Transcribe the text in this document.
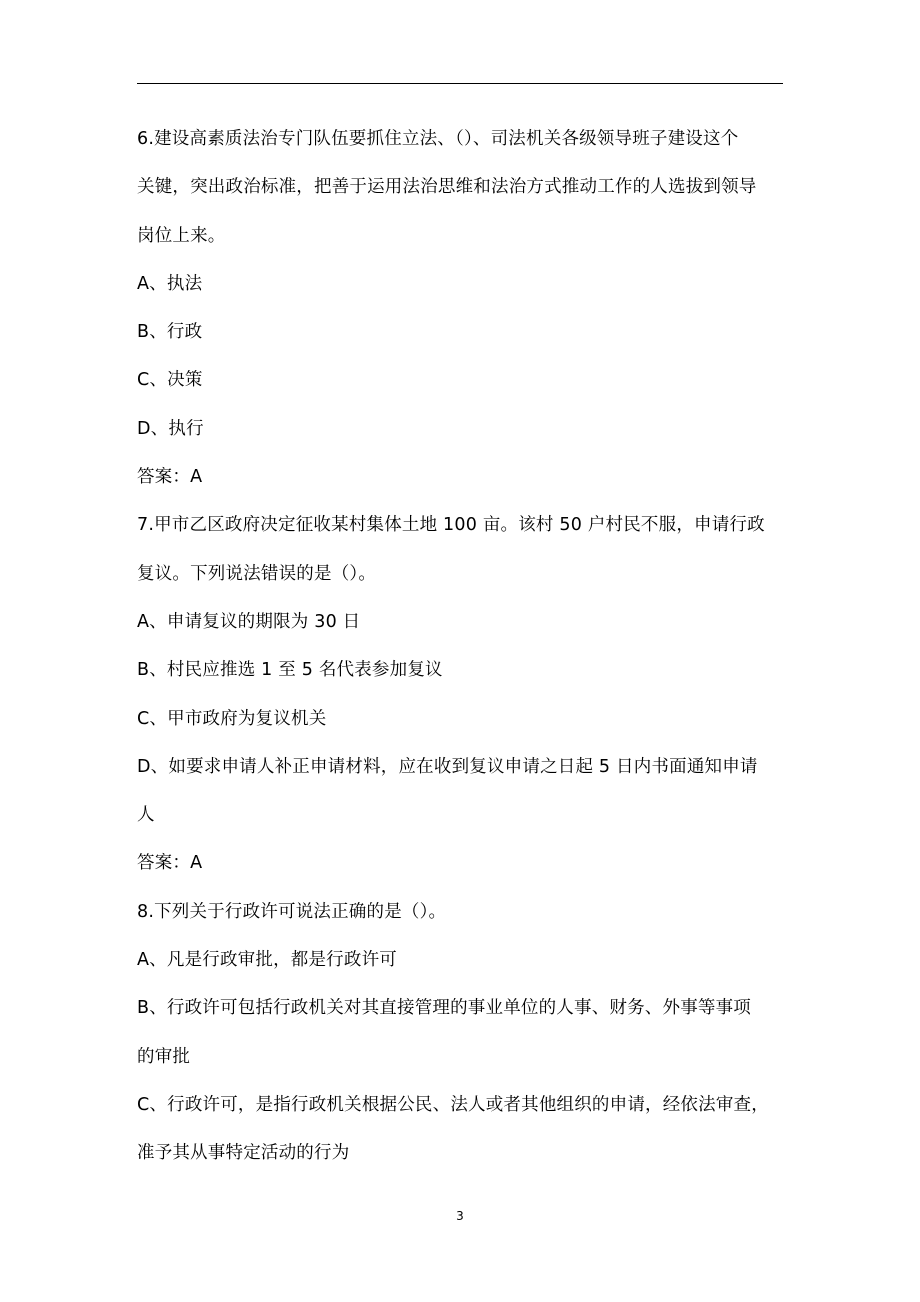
6.建设高素质法治专门队伍要抓住立法、（）、司法机关各级领导班子建设这个
关键，突出政治标准，把善于运用法治思维和法治方式推动工作的人选拔到领导
岗位上来。
A、执法
B、行政
C、决策
D、执行
答案：A
7.甲市乙区政府决定征收某村集体土地 100 亩。该村 50 户村民不服，申请行政
复议。下列说法错误的是（）。
A、申请复议的期限为 30 日
B、村民应推选 1 至 5 名代表参加复议
C、甲市政府为复议机关
D、如要求申请人补正申请材料，应在收到复议申请之日起 5 日内书面通知申请
人
答案：A
8.下列关于行政许可说法正确的是（）。
A、凡是行政审批，都是行政许可
B、行政许可包括行政机关对其直接管理的事业单位的人事、财务、外事等事项
的审批
C、行政许可，是指行政机关根据公民、法人或者其他组织的申请，经依法审查，
准予其从事特定活动的行为
3
